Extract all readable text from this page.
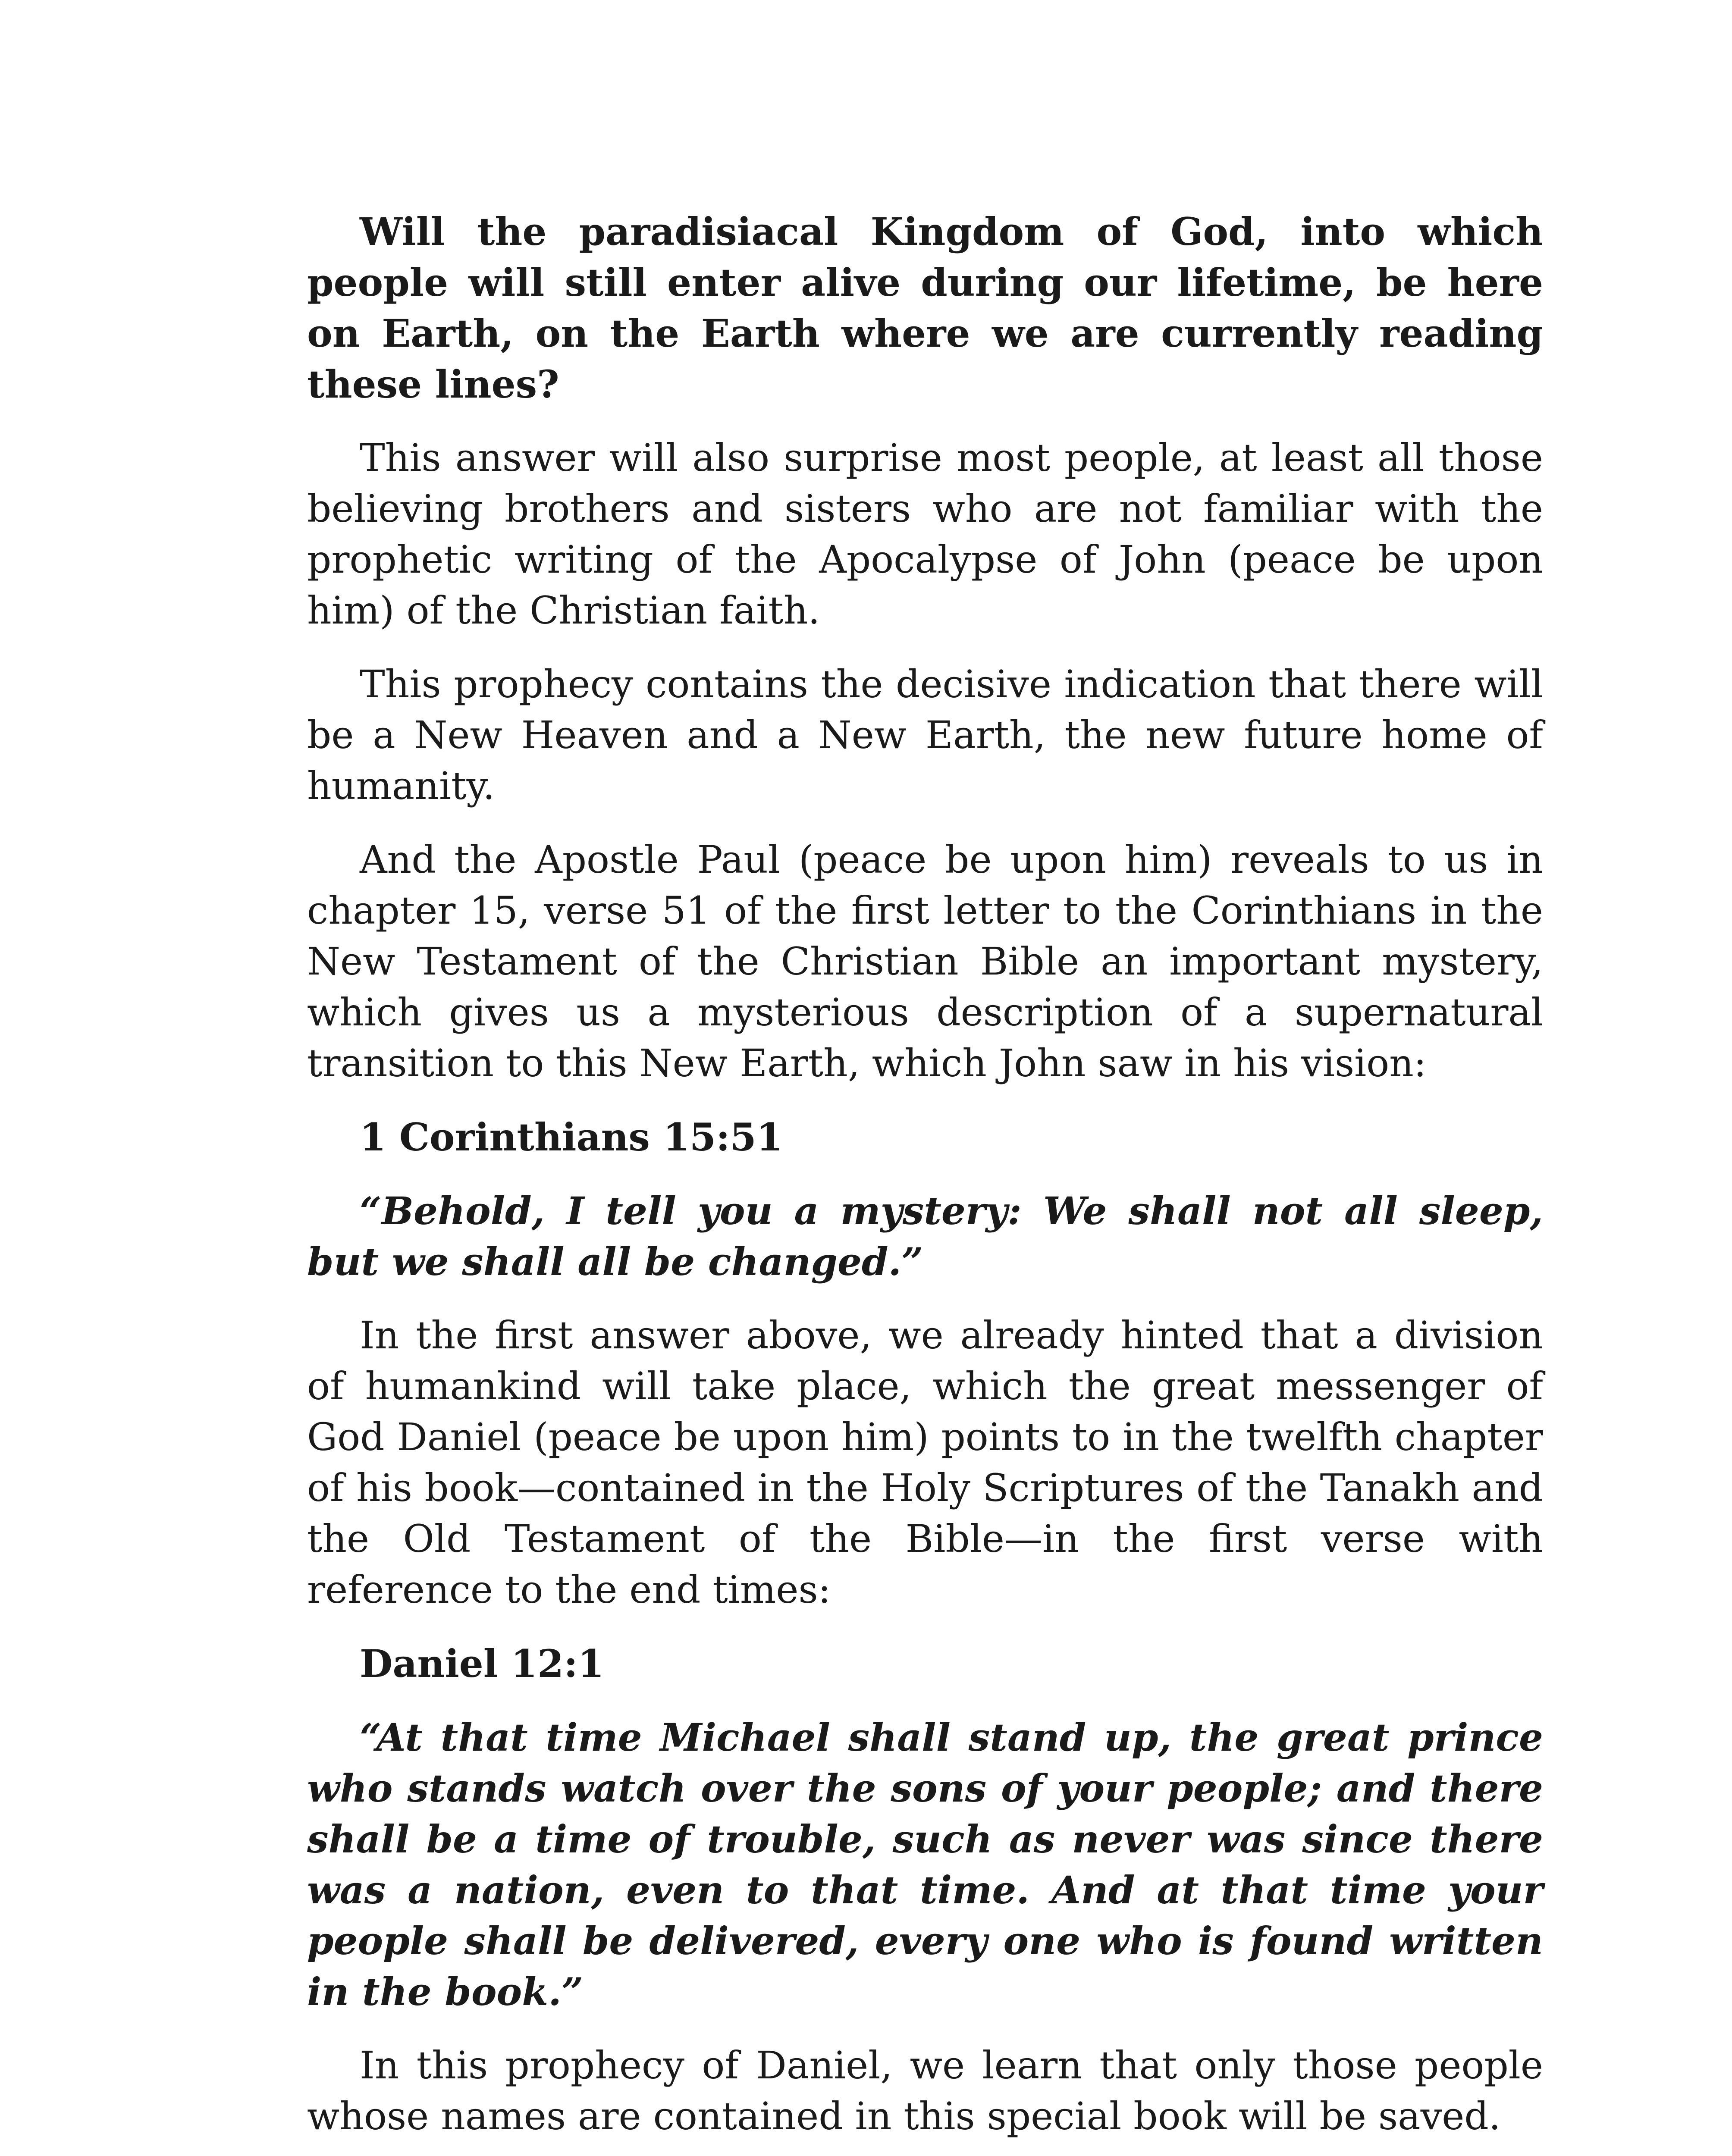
Will the paradisiacal Kingdom of God, into which people will still enter alive during our lifetime, be here on Earth, on the Earth where we are currently reading these lines?

This answer will also surprise most people, at least all those believing brothers and sisters who are not familiar with the prophetic writing of the Apocalypse of John (peace be upon him) of the Christian faith.

This prophecy contains the decisive indication that there will be a New Heaven and a New Earth, the new future home of humanity.

And the Apostle Paul (peace be upon him) reveals to us in chapter 15, verse 51 of the first letter to the Corinthians in the New Testament of the Christian Bible an important mystery, which gives us a mysterious description of a supernatural transition to this New Earth, which John saw in his vision:

1 Corinthians 15:51

“Behold, I tell you a mystery: We shall not all sleep, but we shall all be changed.”

In the first answer above, we already hinted that a division of humankind will take place, which the great messenger of God Daniel (peace be upon him) points to in the twelfth chapter of his book—contained in the Holy Scriptures of the Tanakh and the Old Testament of the Bible—in the first verse with reference to the end times:

Daniel 12:1

“At that time Michael shall stand up, the great prince who stands watch over the sons of your people; and there shall be a time of trouble, such as never was since there was a nation, even to that time. And at that time your people shall be delivered, every one who is found written in the book.”

In this prophecy of Daniel, we learn that only those people whose names are contained in this special book will be saved.
